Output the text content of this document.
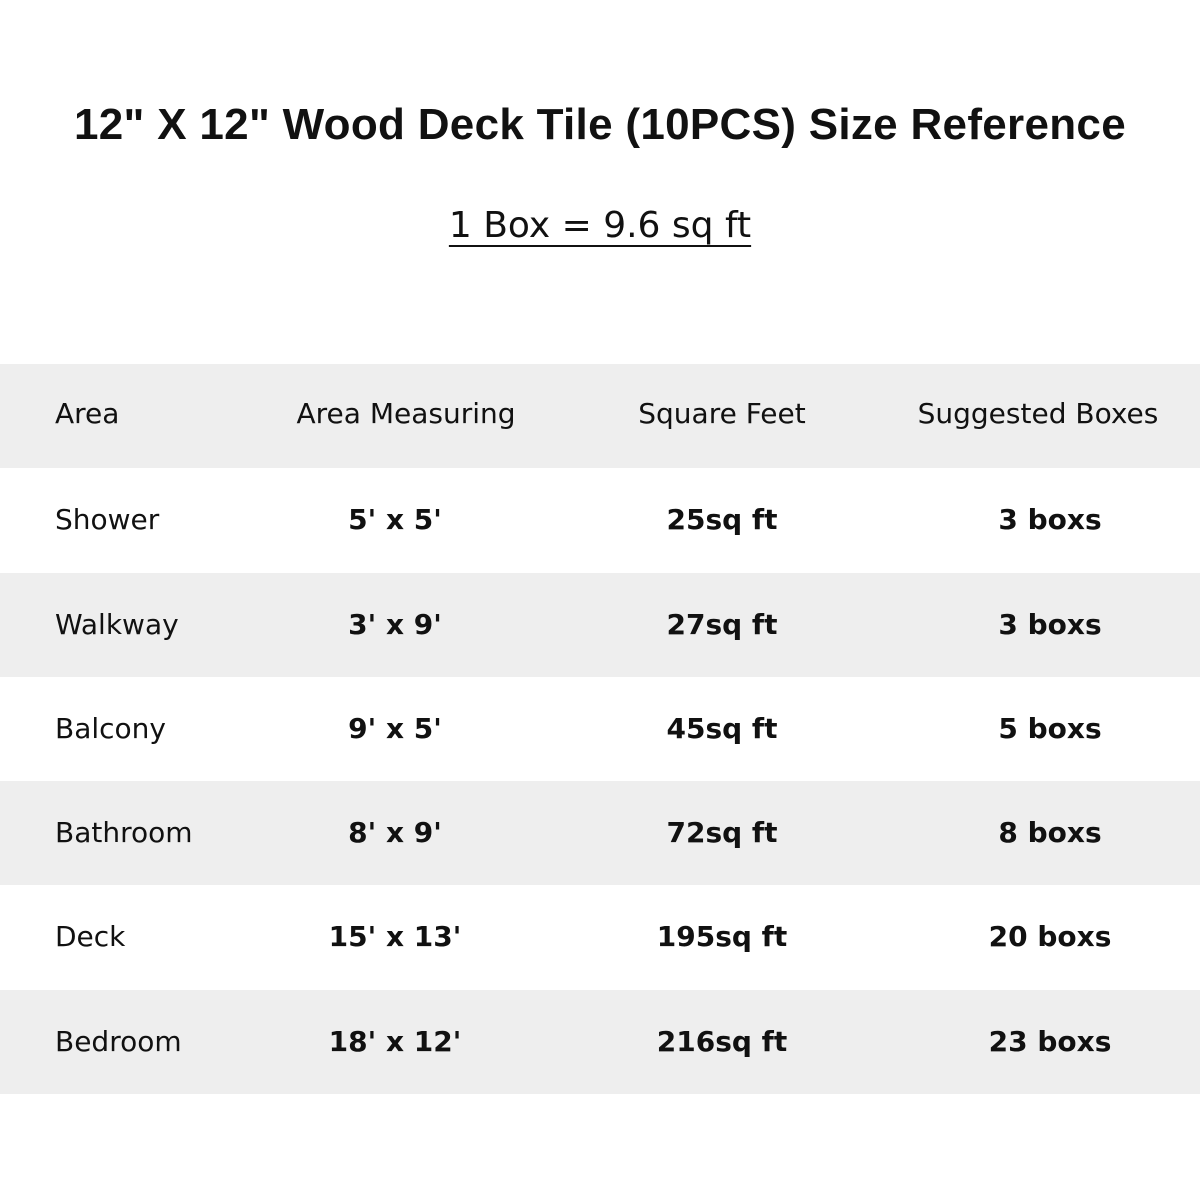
12" X 12" Wood Deck Tile (10PCS) Size Reference
1 Box = 9.6 sq ft
Area	Area Measuring	Square Feet	Suggested Boxes
Shower	5' x 5'	25sq ft	3 boxs
Walkway	3' x 9'	27sq ft	3 boxs
Balcony	9' x 5'	45sq ft	5 boxs
Bathroom	8' x 9'	72sq ft	8 boxs
Deck	15' x 13'	195sq ft	20 boxs
Bedroom	18' x 12'	216sq ft	23 boxs
